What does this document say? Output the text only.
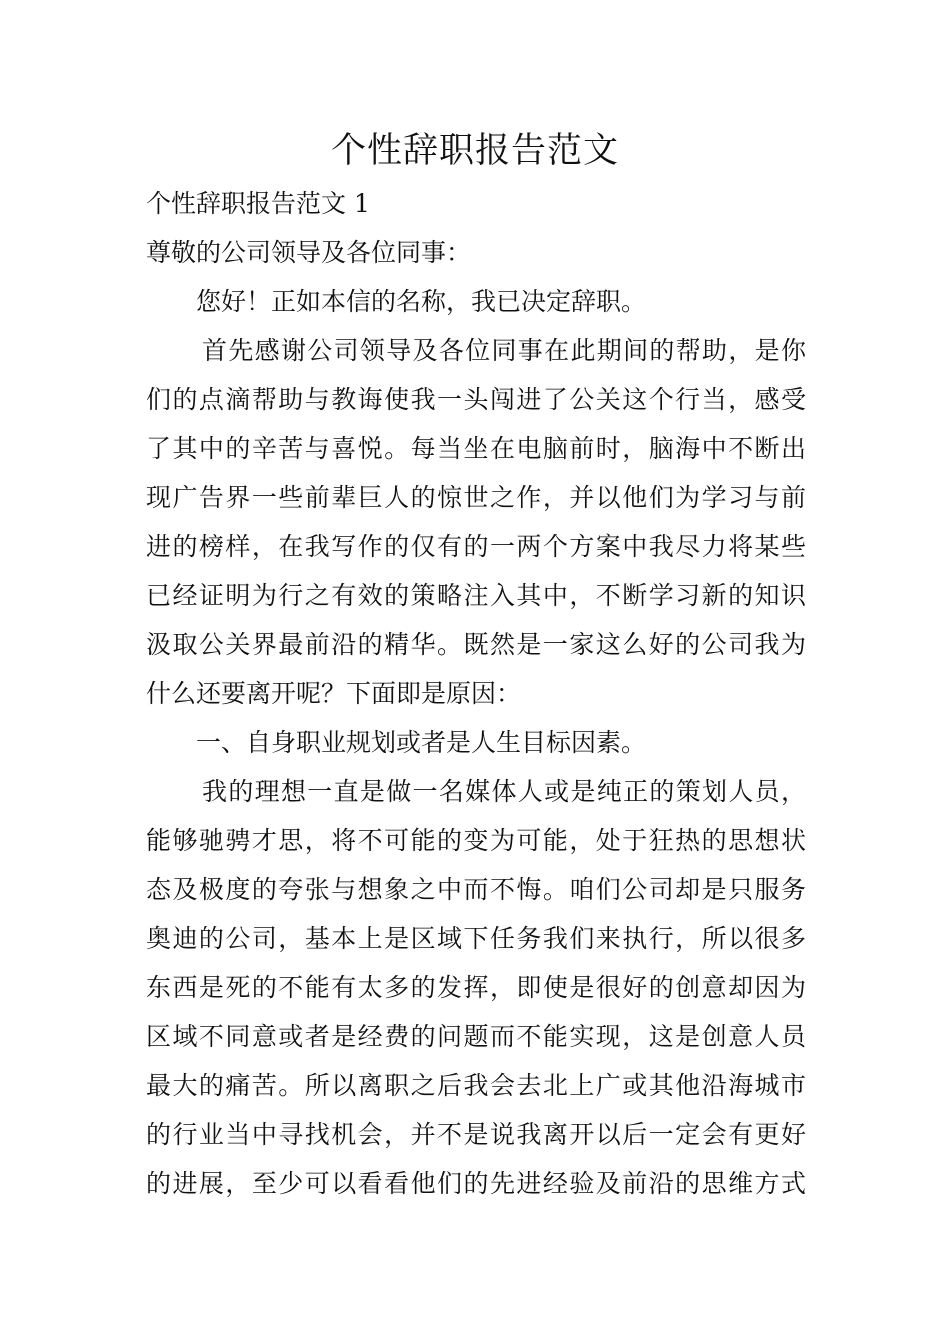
个性辞职报告范文

个性辞职报告范文 1

尊敬的公司领导及各位同事：

您好！正如本信的名称，我已决定辞职。

首先感谢公司领导及各位同事在此期间的帮助，是你
们的点滴帮助与教诲使我一头闯进了公关这个行当，感受
了其中的辛苦与喜悦。每当坐在电脑前时，脑海中不断出
现广告界一些前辈巨人的惊世之作，并以他们为学习与前
进的榜样，在我写作的仅有的一两个方案中我尽力将某些
已经证明为行之有效的策略注入其中，不断学习新的知识
汲取公关界最前沿的精华。既然是一家这么好的公司我为
什么还要离开呢？下面即是原因：

一、自身职业规划或者是人生目标因素。

我的理想一直是做一名媒体人或是纯正的策划人员，
能够驰骋才思，将不可能的变为可能，处于狂热的思想状
态及极度的夸张与想象之中而不悔。咱们公司却是只服务
奥迪的公司，基本上是区域下任务我们来执行，所以很多
东西是死的不能有太多的发挥，即使是很好的创意却因为
区域不同意或者是经费的问题而不能实现，这是创意人员
最大的痛苦。所以离职之后我会去北上广或其他沿海城市
的行业当中寻找机会，并不是说我离开以后一定会有更好
的进展，至少可以看看他们的先进经验及前沿的思维方式
